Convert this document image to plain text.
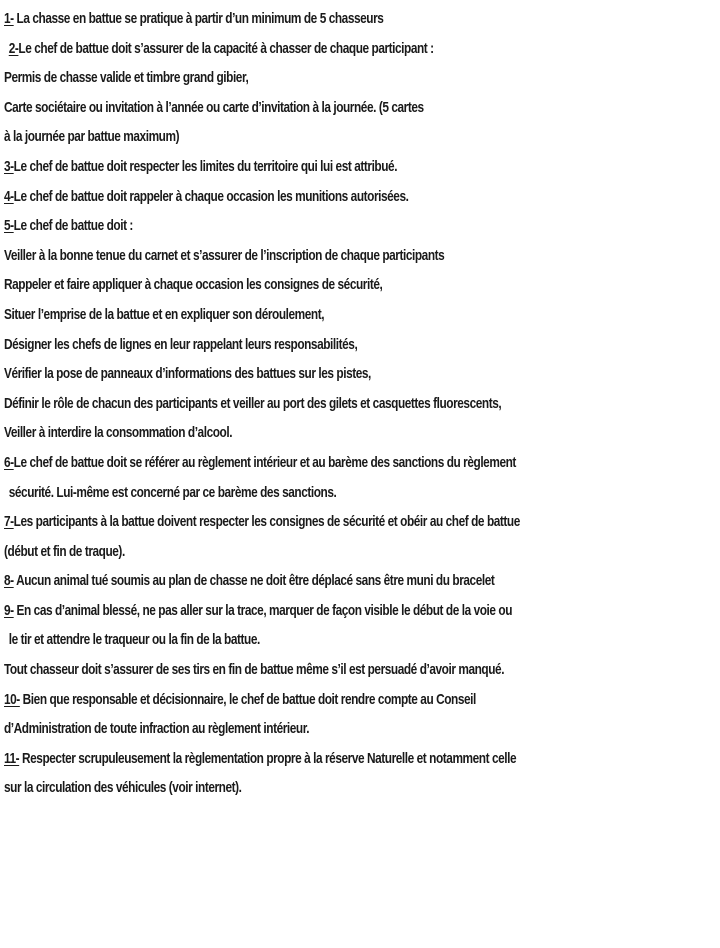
1- La chasse en battue se pratique à partir d’un minimum de 5 chasseurs
2-Le chef de battue doit s’assurer de la capacité à chasser de chaque participant :
Permis de chasse valide et timbre grand gibier,
Carte sociétaire ou invitation à l’année ou carte d’invitation à la journée. (5 cartes
à la journée par battue maximum)
3-Le chef de battue doit respecter les limites du territoire qui lui est attribué.
4-Le chef de battue doit rappeler à chaque occasion les munitions autorisées.
5-Le chef de battue doit :
Veiller à la bonne tenue du carnet et s’assurer de l’inscription de chaque participants
Rappeler et faire appliquer à chaque occasion les consignes de sécurité,
Situer l’emprise de la battue et en expliquer son déroulement,
Désigner les chefs de lignes en leur rappelant leurs responsabilités,
Vérifier la pose de panneaux d’informations des battues sur les pistes,
Définir le rôle de chacun des participants et veiller au port des gilets et casquettes fluorescents,
Veiller à interdire la consommation d’alcool.
6-Le chef de battue doit se référer au règlement intérieur et au barème des sanctions du règlement
sécurité. Lui-même est concerné par ce barème des sanctions.
7-Les participants à la battue doivent respecter les consignes de sécurité et obéir au chef de battue
(début et fin de traque).
8- Aucun animal tué soumis au plan de chasse ne doit être déplacé sans être muni du bracelet
9- En cas d’animal blessé, ne pas aller sur la trace, marquer de façon visible le début de la voie ou
le tir et attendre le traqueur ou la fin de la battue.
Tout chasseur doit s’assurer de ses tirs en fin de battue même s’il est persuadé d’avoir manqué.
10- Bien que responsable et décisionnaire, le chef de battue doit rendre compte au Conseil
d’Administration de toute infraction au règlement intérieur.
11- Respecter scrupuleusement la règlementation propre à la réserve Naturelle et notamment celle
sur la circulation des véhicules (voir internet).
